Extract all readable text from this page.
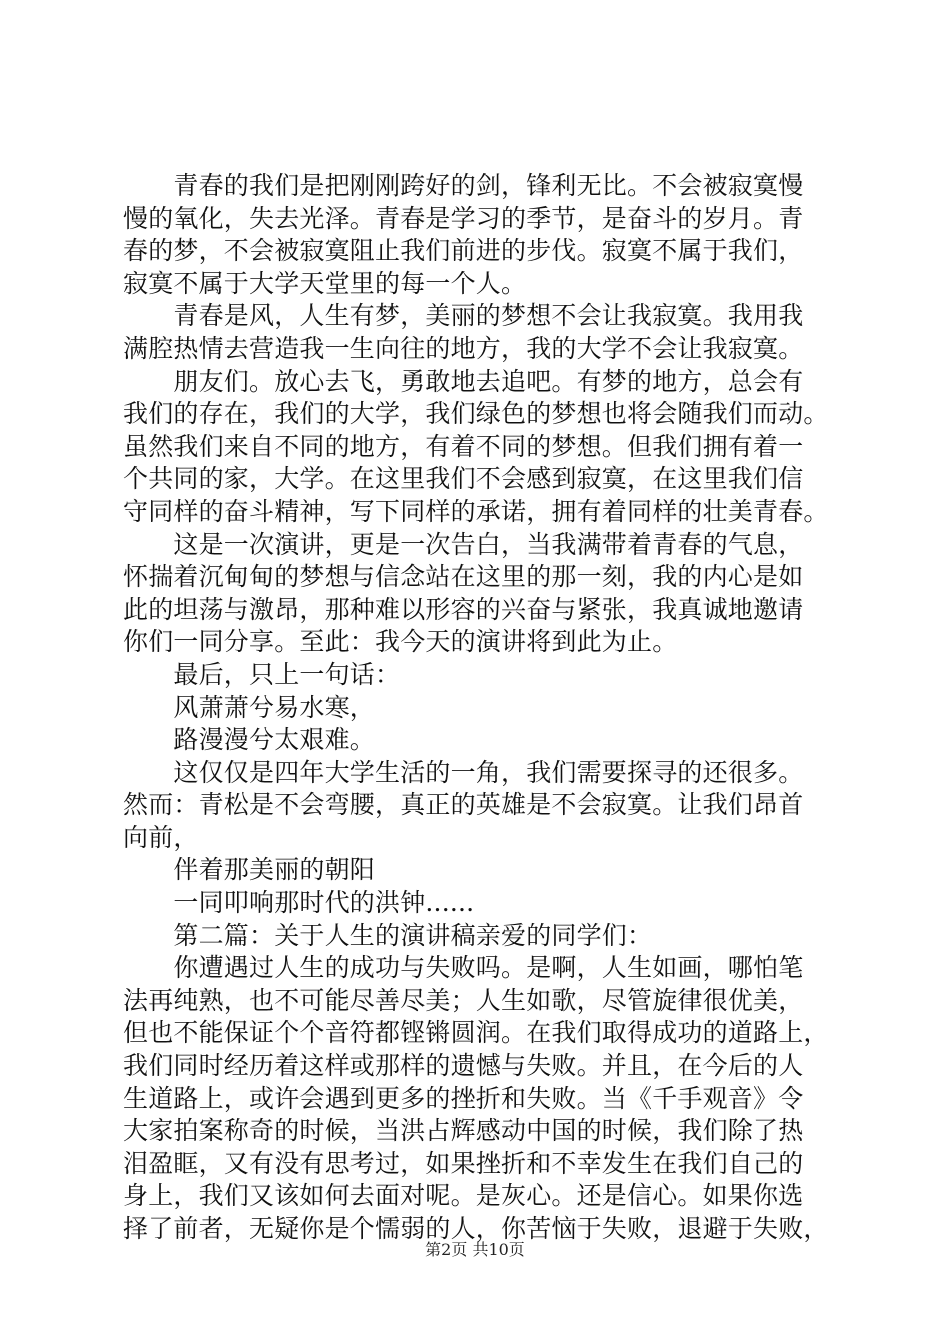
　　青春的我们是把刚刚跨好的剑，锋利无比。不会被寂寞慢
慢的氧化，失去光泽。青春是学习的季节，是奋斗的岁月。青
春的梦，不会被寂寞阻止我们前进的步伐。寂寞不属于我们，
寂寞不属于大学天堂里的每一个人。
　　青春是风，人生有梦，美丽的梦想不会让我寂寞。我用我
满腔热情去营造我一生向往的地方，我的大学不会让我寂寞。
　　朋友们。放心去飞，勇敢地去追吧。有梦的地方，总会有
我们的存在，我们的大学，我们绿色的梦想也将会随我们而动。
虽然我们来自不同的地方，有着不同的梦想。但我们拥有着一
个共同的家，大学。在这里我们不会感到寂寞，在这里我们信
守同样的奋斗精神，写下同样的承诺，拥有着同样的壮美青春。
　　这是一次演讲，更是一次告白，当我满带着青春的气息，
怀揣着沉甸甸的梦想与信念站在这里的那一刻，我的内心是如
此的坦荡与激昂，那种难以形容的兴奋与紧张，我真诚地邀请
你们一同分享。至此：我今天的演讲将到此为止。
　　最后，只上一句话：
　　风萧萧兮易水寒，
　　路漫漫兮太艰难。
　　这仅仅是四年大学生活的一角，我们需要探寻的还很多。
然而：青松是不会弯腰，真正的英雄是不会寂寞。让我们昂首
向前，
　　伴着那美丽的朝阳
　　一同叩响那时代的洪钟......
　　第二篇：关于人生的演讲稿亲爱的同学们：
　　你遭遇过人生的成功与失败吗。是啊，人生如画，哪怕笔
法再纯熟，也不可能尽善尽美；人生如歌，尽管旋律很优美，
但也不能保证个个音符都铿锵圆润。在我们取得成功的道路上，
我们同时经历着这样或那样的遗憾与失败。并且，在今后的人
生道路上，或许会遇到更多的挫折和失败。当《千手观音》令
大家拍案称奇的时候，当洪占辉感动中国的时候，我们除了热
泪盈眶，又有没有思考过，如果挫折和不幸发生在我们自己的
身上，我们又该如何去面对呢。是灰心。还是信心。如果你选
择了前者，无疑你是个懦弱的人，你苦恼于失败，退避于失败，
第2页 共10页
